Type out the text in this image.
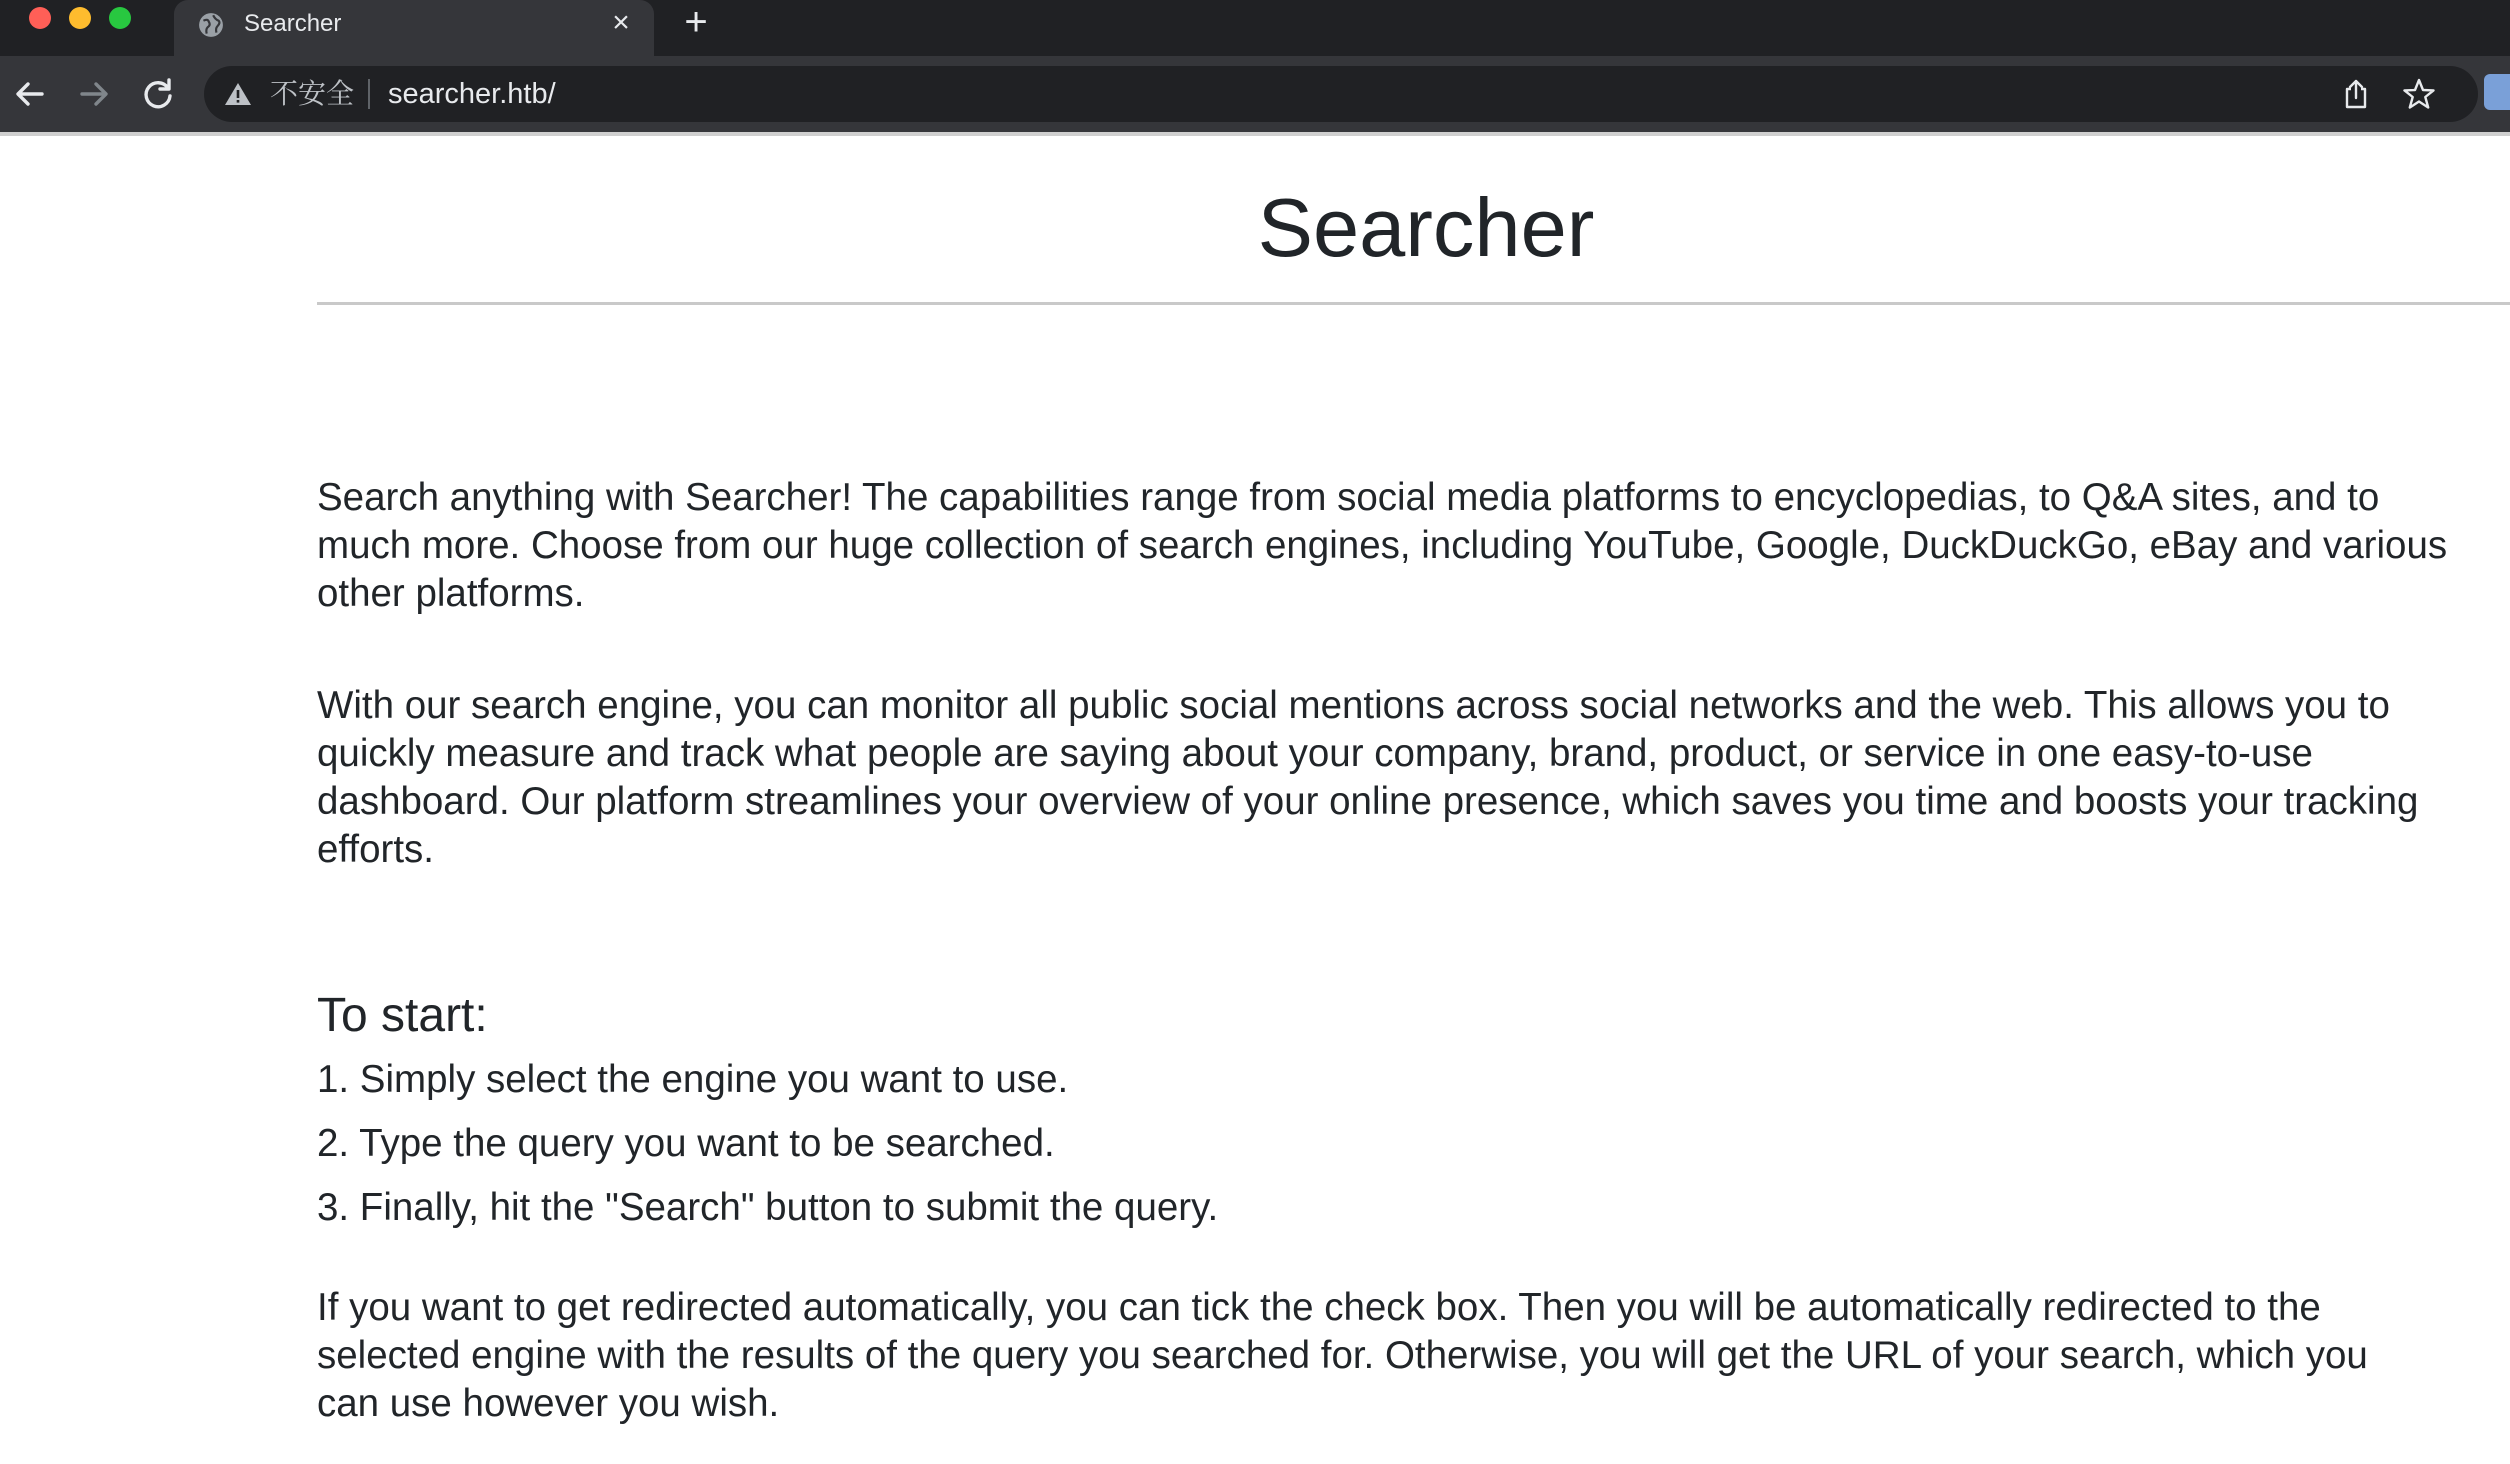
Searcher	× +
不安全 searcher.htb/
Searcher

Search anything with Searcher! The capabilities range from social media platforms to encyclopedias, to Q&A sites, and to

much more. Choose from our huge collection of search engines, including YouTube, Google, DuckDuckGo, eBay and various

other platforms.

With our search engine, you can monitor all public social mentions across social networks and the web. This allows you to

quickly measure and track what people are saying about your company, brand, product, or service in one easy-to-use

dashboard. Our platform streamlines your overview of your online presence, which saves you time and boosts your tracking

efforts.

To start:

1. Simply select the engine you want to use.

2. Type the query you want to be searched.

3. Finally, hit the "Search" button to submit the query.

If you want to get redirected automatically, you can tick the check box. Then you will be automatically redirected to the

selected engine with the results of the query you searched for. Otherwise, you will get the URL of your search, which you

can use however you wish.
